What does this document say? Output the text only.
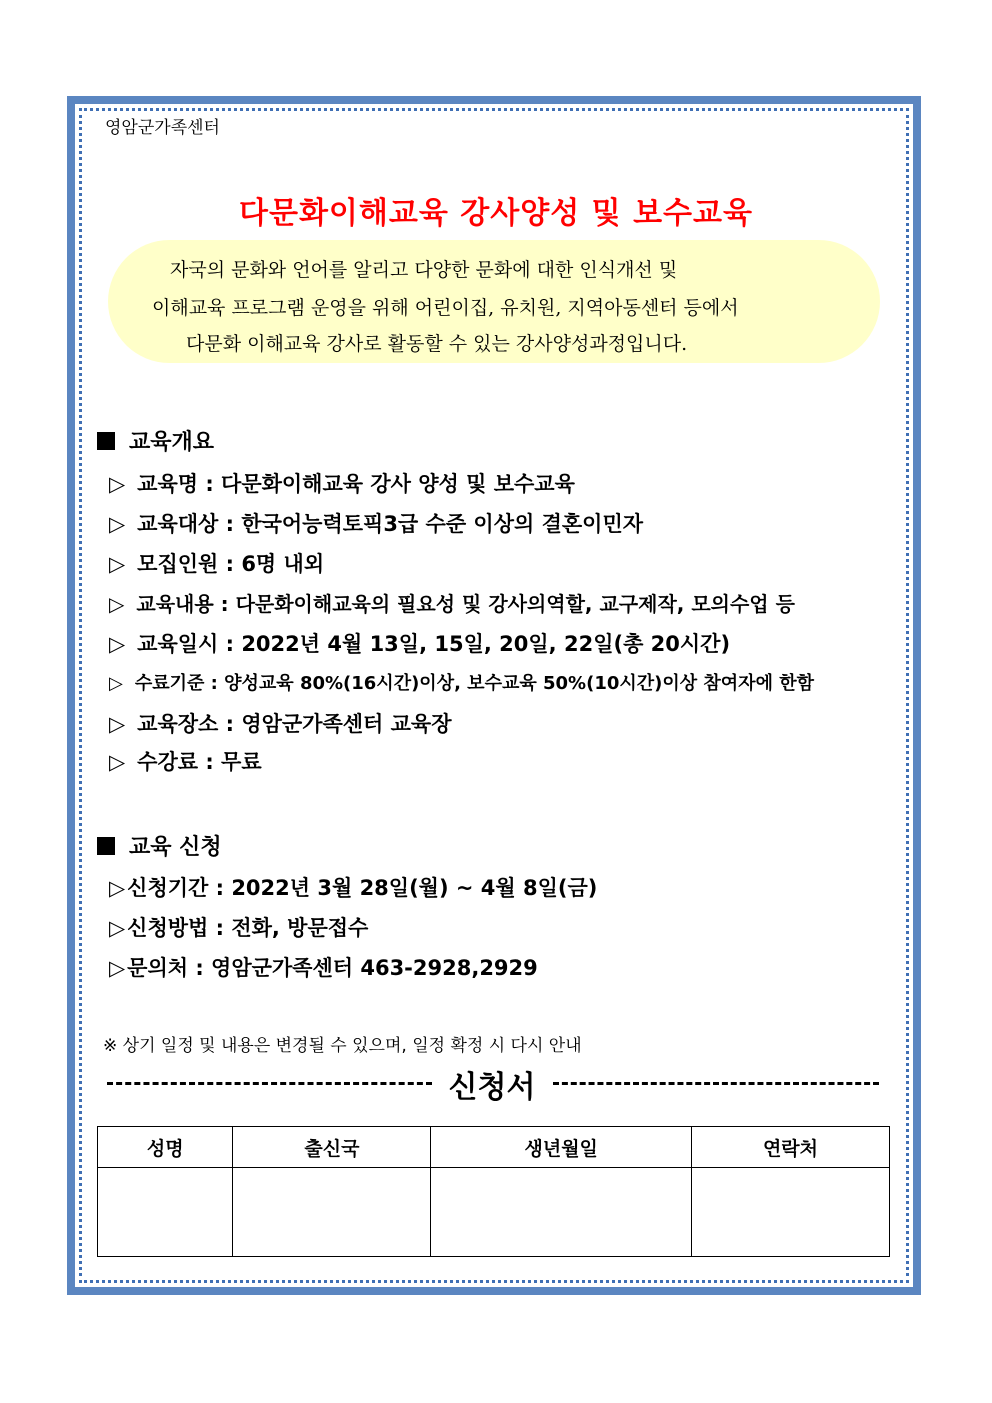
영암군가족센터
다문화이해교육 강사양성 및 보수교육
자국의 문화와 언어를 알리고 다양한 문화에 대한 인식개선 및
이해교육 프로그램 운영을 위해 어린이집, 유치원, 지역아동센터 등에서
다문화 이해교육 강사로 활동할 수 있는 강사양성과정입니다.
교육개요
▷ 교육명 : 다문화이해교육 강사 양성 및 보수교육
▷ 교육대상 : 한국어능력토픽3급 수준 이상의 결혼이민자
▷ 모집인원 : 6명 내외
▷ 교육내용 : 다문화이해교육의 필요성 및 강사의역할, 교구제작, 모의수업 등
▷ 교육일시 : 2022년 4월 13일, 15일, 20일, 22일(총 20시간)
▷ 수료기준 : 양성교육 80%(16시간)이상, 보수교육 50%(10시간)이상 참여자에 한함
▷ 교육장소 : 영암군가족센터 교육장
▷ 수강료 : 무료
교육 신청
▷신청기간 : 2022년 3월 28일(월) ~ 4월 8일(금)
▷신청방법 : 전화, 방문접수
▷문의처 : 영암군가족센터 463-2928,2929
※ 상기 일정 및 내용은 변경될 수 있으며, 일정 확정 시 다시 안내
신청서
성명	출신국	생년월일	연락처
